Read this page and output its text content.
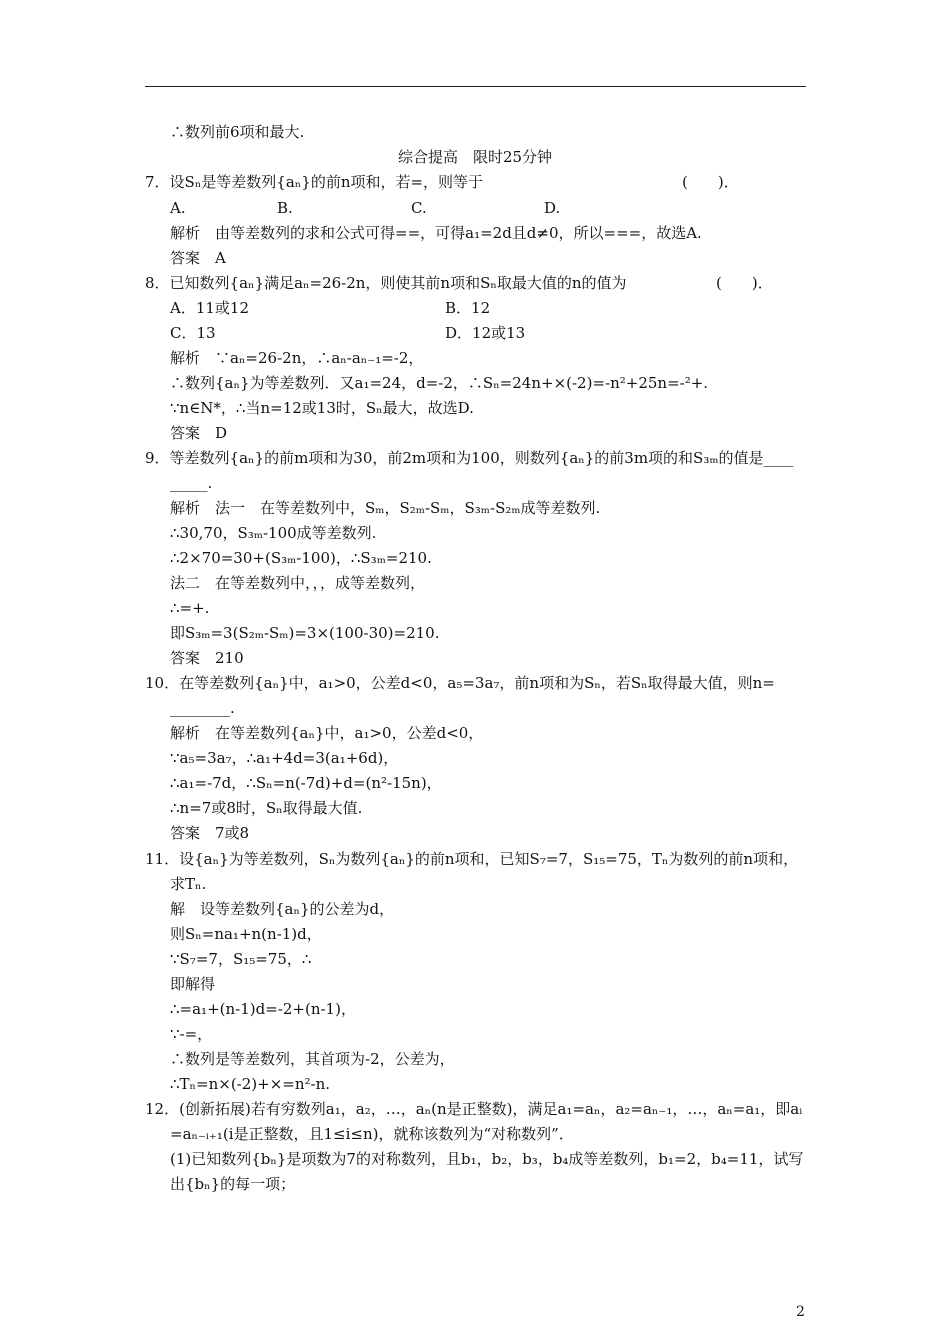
∴数列前6项和最大.
综合提高　限时25分钟
7．设Sₙ是等差数列{aₙ}的前n项和，若=，则等于	(　　)．
A.	B.	C.	D.
解析　由等差数列的求和公式可得==，可得a₁=2d且d≠0，所以===，故选A.
答案　A
8．已知数列{aₙ}满足aₙ=26-2n，则使其前n项和Sₙ取最大值的n的值为	(　　)．
A．11或12	B．12
C．13	D．12或13
解析　∵aₙ=26-2n，∴aₙ-aₙ₋₁=-2，
∴数列{aₙ}为等差数列．又a₁=24，d=-2，∴Sₙ=24n+×(-2)=-n²+25n=-²+.
∵n∈N*，∴当n=12或13时，Sₙ最大，故选D.
答案　D
9．等差数列{aₙ}的前m项和为30，前2m项和为100，则数列{aₙ}的前3m项的和S₃ₘ的值是____
_____.
解析　法一　在等差数列中，Sₘ，S₂ₘ-Sₘ，S₃ₘ-S₂ₘ成等差数列.
∴30,70，S₃ₘ-100成等差数列.
∴2×70=30+(S₃ₘ-100)，∴S₃ₘ=210.
法二　在等差数列中，，，成等差数列，
∴=+.
即S₃ₘ=3(S₂ₘ-Sₘ)=3×(100-30)=210.
答案　210
10．在等差数列{aₙ}中，a₁>0，公差d<0，a₅=3a₇，前n项和为Sₙ，若Sₙ取得最大值，则n=
________.
解析　在等差数列{aₙ}中，a₁>0，公差d<0，
∵a₅=3a₇，∴a₁+4d=3(a₁+6d)，
∴a₁=-7d，∴Sₙ=n(-7d)+d=(n²-15n)，
∴n=7或8时，Sₙ取得最大值.
答案　7或8
11．设{aₙ}为等差数列，Sₙ为数列{aₙ}的前n项和，已知S₇=7，S₁₅=75，Tₙ为数列的前n项和，
求Tₙ.
解　设等差数列{aₙ}的公差为d，
则Sₙ=na₁+n(n-1)d，
∵S₇=7，S₁₅=75，∴
即解得
∴=a₁+(n-1)d=-2+(n-1)，
∵-=，
∴数列是等差数列，其首项为-2，公差为，
∴Tₙ=n×(-2)+×=n²-n.
12．(创新拓展)若有穷数列a₁，a₂，…，aₙ(n是正整数)，满足a₁=aₙ，a₂=aₙ₋₁，…，aₙ=a₁，即aᵢ
=aₙ₋ᵢ₊₁(i是正整数，且1≤i≤n)，就称该数列为“对称数列”．
(1)已知数列{bₙ}是项数为7的对称数列，且b₁，b₂，b₃，b₄成等差数列，b₁=2，b₄=11，试写
出{bₙ}的每一项；
2
